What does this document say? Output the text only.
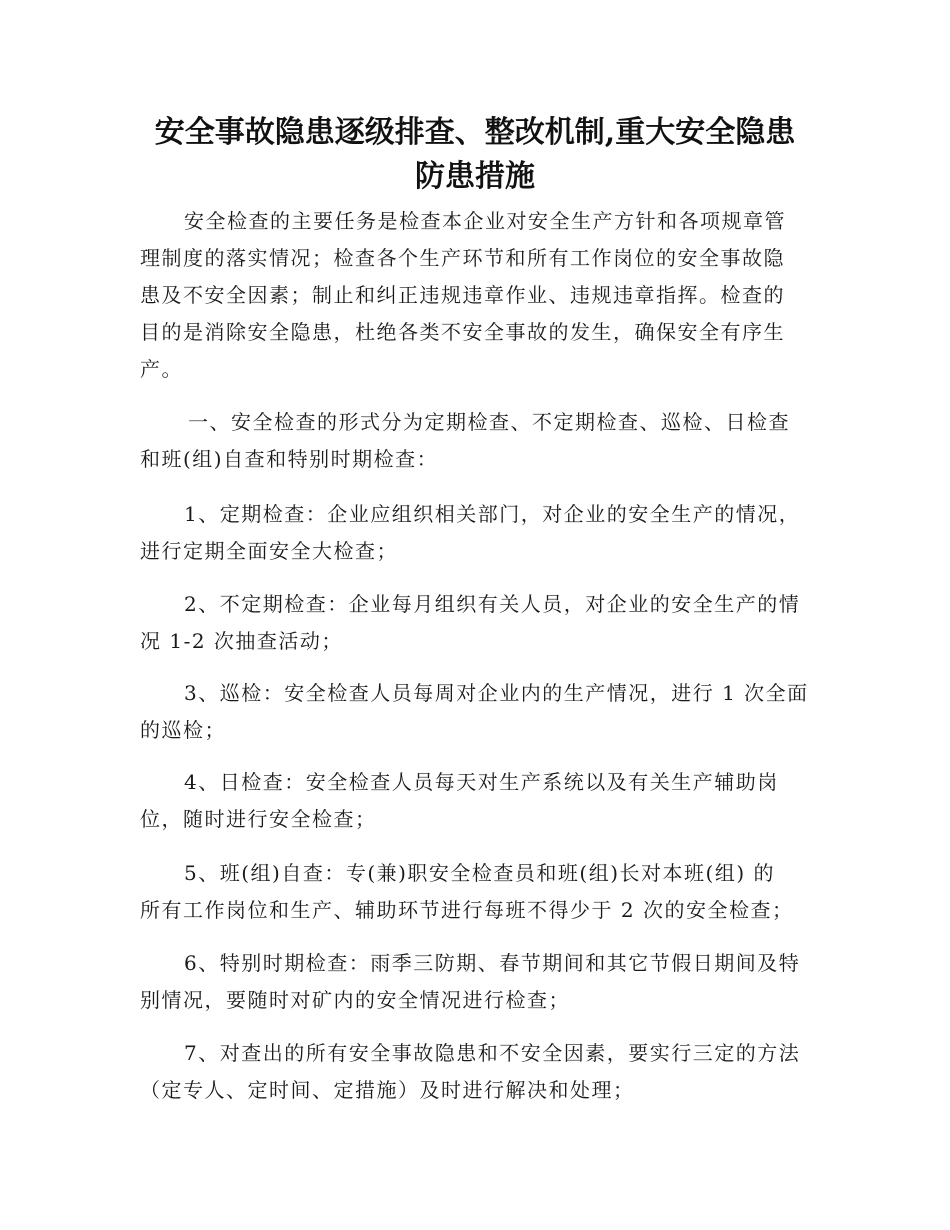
安全事故隐患逐级排查、整改机制,重大安全隐患
防患措施

安全检查的主要任务是检查本企业对安全生产方针和各项规章管
理制度的落实情况；检查各个生产环节和所有工作岗位的安全事故隐
患及不安全因素；制止和纠正违规违章作业、违规违章指挥。检查的
目的是消除安全隐患，杜绝各类不安全事故的发生，确保安全有序生
产。

一、安全检查的形式分为定期检查、不定期检查、巡检、日检查
和班(组)自查和特别时期检查：

1、定期检查：企业应组织相关部门，对企业的安全生产的情况，
进行定期全面安全大检查；

2、不定期检查：企业每月组织有关人员，对企业的安全生产的情
况 1-2 次抽查活动；

3、巡检：安全检查人员每周对企业内的生产情况，进行 1 次全面
的巡检；

4、日检查：安全检查人员每天对生产系统以及有关生产辅助岗
位，随时进行安全检查；

5、班(组)自查：专(兼)职安全检查员和班(组)长对本班(组) 的
所有工作岗位和生产、辅助环节进行每班不得少于 2 次的安全检查；

6、特别时期检查：雨季三防期、春节期间和其它节假日期间及特
别情况，要随时对矿内的安全情况进行检查；

7、对查出的所有安全事故隐患和不安全因素，要实行三定的方法
（定专人、定时间、定措施）及时进行解决和处理；
